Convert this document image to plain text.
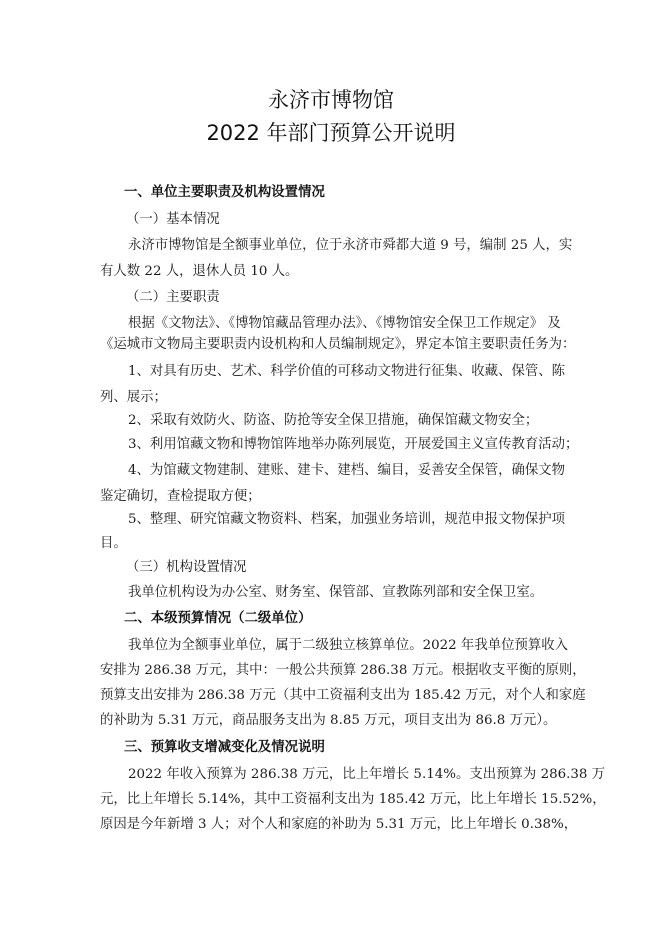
永济市博物馆
2022 年部门预算公开说明
一、单位主要职责及机构设置情况
（一）基本情况
永济市博物馆是全额事业单位，位于永济市舜都大道 9 号，编制 25 人，实
有人数 22 人，退休人员 10 人。
（二）主要职责
根据《文物法》、《博物馆藏品管理办法》、《博物馆安全保卫工作规定》 及
《运城市文物局主要职责内设机构和人员编制规定》，界定本馆主要职责任务为：
1、对具有历史、艺术、科学价值的可移动文物进行征集、收藏、保管、陈
列、展示；
2、采取有效防火、防盗、防抢等安全保卫措施，确保馆藏文物安全；
3、利用馆藏文物和博物馆阵地举办陈列展览，开展爱国主义宣传教育活动；
4、为馆藏文物建制、建账、建卡、建档、编目，妥善安全保管，确保文物
鉴定确切，查检提取方便；
5、整理、研究馆藏文物资料、档案，加强业务培训，规范申报文物保护项
目。
（三）机构设置情况
我单位机构设为办公室、财务室、保管部、宣教陈列部和安全保卫室。
二、本级预算情况（二级单位）
我单位为全额事业单位，属于二级独立核算单位。2022 年我单位预算收入
安排为 286.38 万元，其中：一般公共预算 286.38 万元。根据收支平衡的原则，
预算支出安排为 286.38 万元（其中工资福利支出为 185.42 万元，对个人和家庭
的补助为 5.31 万元，商品服务支出为 8.85 万元，项目支出为 86.8 万元）。
三、预算收支增减变化及情况说明
2022 年收入预算为 286.38 万元，比上年增长 5.14%。支出预算为 286.38 万
元，比上年增长 5.14%，其中工资福利支出为 185.42 万元，比上年增长 15.52%，
原因是今年新增 3 人；对个人和家庭的补助为 5.31 万元，比上年增长 0.38%，
